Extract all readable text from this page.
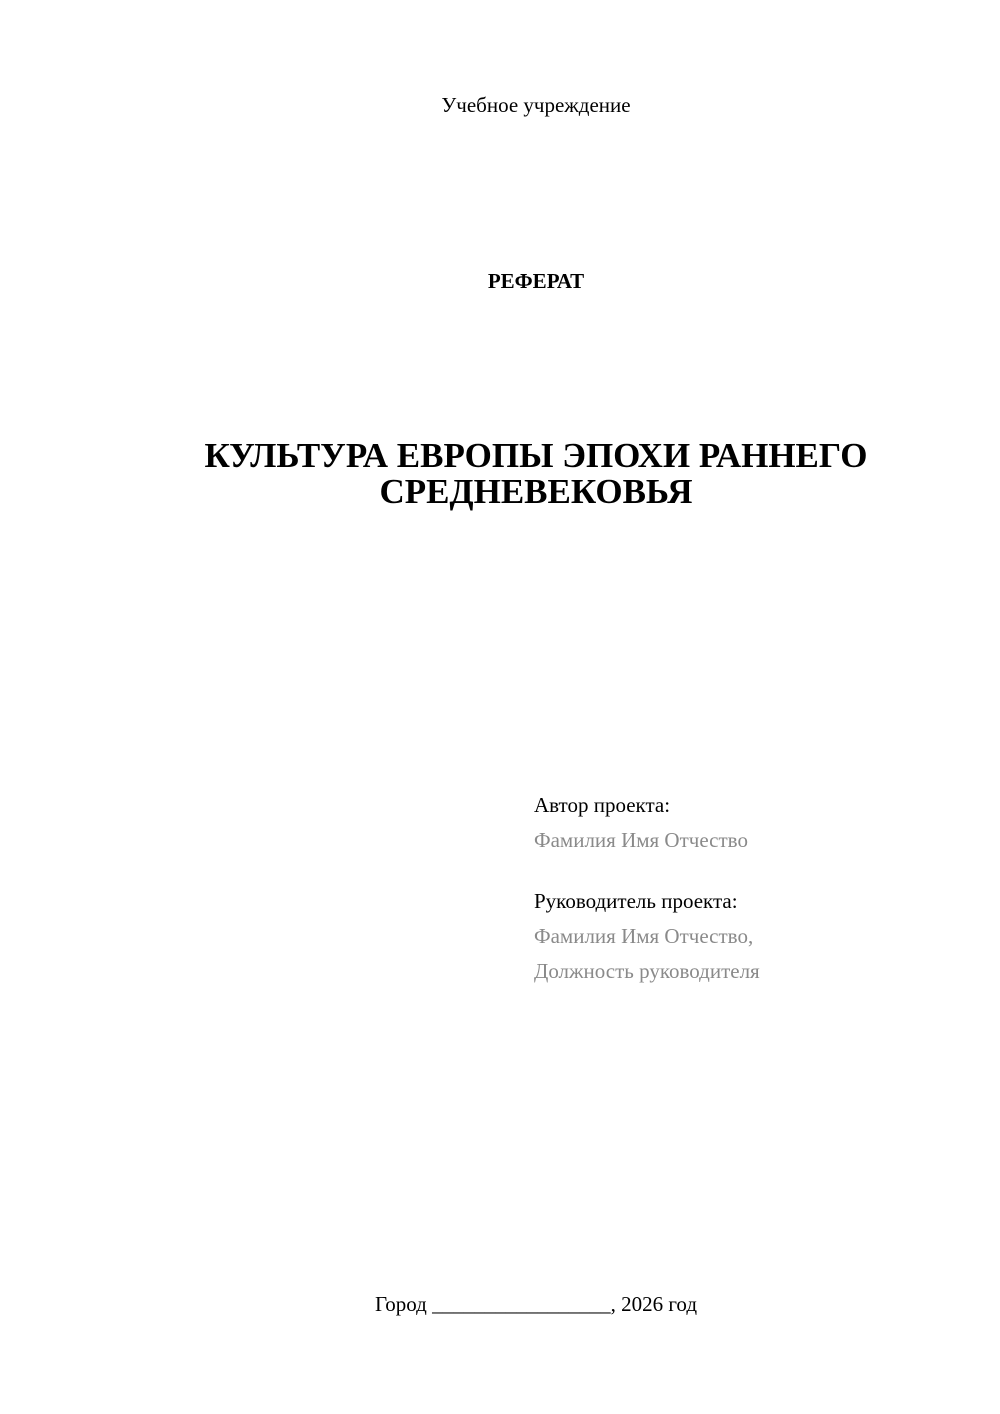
Учебное учреждение
РЕФЕРАТ
КУЛЬТУРА ЕВРОПЫ ЭПОХИ РАННЕГО
СРЕДНЕВЕКОВЬЯ
Автор проекта:
Фамилия Имя Отчество
Руководитель проекта:
Фамилия Имя Отчество,
Должность руководителя
Город _________________, 2026 год
